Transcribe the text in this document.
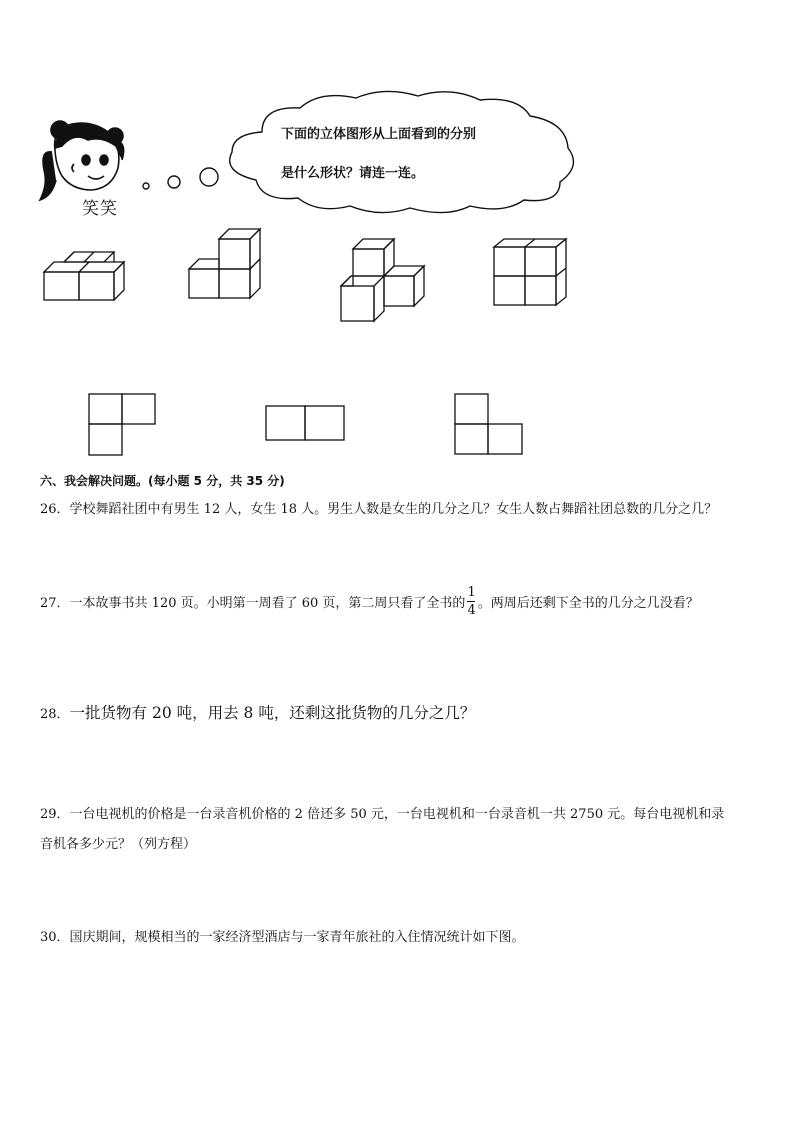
笑笑
下面的立体图形从上面看到的分别
是什么形状？请连一连。
六、我会解决问题。(每小题 5 分，共 35 分)
26．学校舞蹈社团中有男生 12 人，女生 18 人。男生人数是女生的几分之几？女生人数占舞蹈社团总数的几分之几？
27． 一本故事书共 120 页。小明第一周看了 60 页，第二周只看了全书的 $\frac{1}{4}$ 。两周后还剩下全书的几分之几没看？
28．一批货物有 20 吨，用去 8 吨，还剩这批货物的几分之几？
29．一台电视机的价格是一台录音机价格的 2 倍还多 50 元，一台电视机和一台录音机一共 2750 元。每台电视机和录
音机各多少元？（列方程）
30．国庆期间，规模相当的一家经济型酒店与一家青年旅社的入住情况统计如下图。
